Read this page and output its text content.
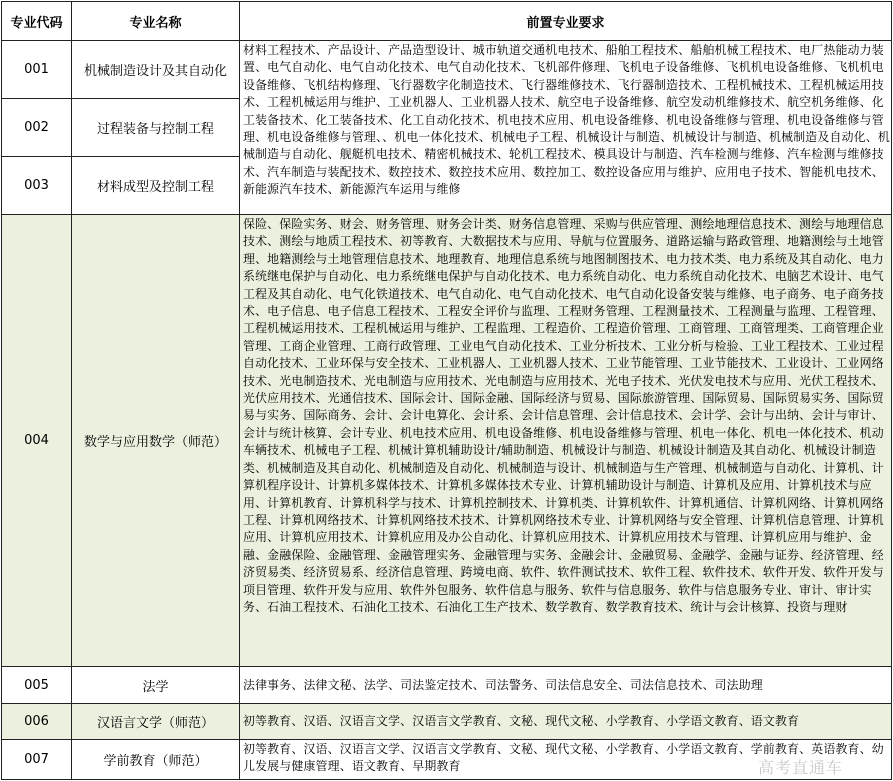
专业代码	专业名称	前置专业要求
001	机械制造设计及其自动化	材料工程技术、产品设计、产品造型设计、城市轨道交通机电技术、船舶工程技术、船舶机械工程技术、电厂热能动力装置、电气自动化、电气自动化技术、电气自动化技术、飞机部件修理、飞机电子设备维修、飞机机电设备维修、飞机机电设备维修、飞机结构修理、飞行器数字化制造技术、飞行器维修技术、飞行器制造技术、工程机械技术、工程机械运用技术、工程机械运用与维护、工业机器人、工业机器人技术、航空电子设备维修、航空发动机维修技术、航空机务维修、化工装备技术、化工装备技术、化工自动化技术、机电技术应用、机电设备维修、机电设备维修与管理、机电设备维修与管理、机电设备维修与管理、、机电一体化技术、机械电子工程、机械设计与制造、机械设计与制造、机械制造及自动化、机械制造与自动化、舰艇机电技术、精密机械技术、轮机工程技术、模具设计与制造、汽车检测与维修、汽车检测与维修技术、汽车制造与装配技术、数控技术、数控技术应用、数控加工、数控设备应用与维护、应用电子技术、智能机电技术、新能源汽车技术、新能源汽车运用与维修
002	过程装备与控制工程	
003	材料成型及控制工程	
004	数学与应用数学（师范）	保险、保险实务、财会、财务管理、财务会计类、财务信息管理、采购与供应管理、测绘地理信息技术、测绘与地理信息技术、测绘与地质工程技术、初等教育、大数据技术与应用、导航与位置服务、道路运输与路政管理、地籍测绘与土地管理、地籍测绘与土地管理信息技术、地理教育、地理信息系统与地图制图技术、电力技术类、电力系统及其自动化、电力系统继电保护与自动化、电力系统继电保护与自动化技术、电力系统自动化、电力系统自动化技术、电脑艺术设计、电气工程及其自动化、电气化铁道技术、电气自动化、电气自动化技术、电气自动化设备安装与维修、电子商务、电子商务技术、电子信息、电子信息工程技术、工程安全评价与监理、工程财务管理、工程测量技术、工程测量与监理、工程管理、工程机械运用技术、工程机械运用与维护、工程监理、工程造价、工程造价管理、工商管理、工商管理类、工商管理企业管理、工商企业管理、工商行政管理、工业电气自动化技术、工业分析技术、工业分析与检验、工业工程技术、工业过程自动化技术、工业环保与安全技术、工业机器人、工业机器人技术、工业节能管理、工业节能技术、工业设计、工业网络技术、光电制造技术、光电制造与应用技术、光电制造与应用技术、光电子技术、光伏发电技术与应用、光伏工程技术、光伏应用技术、光通信技术、国际会计、国际金融、国际经济与贸易、国际旅游管理、国际贸易、国际贸易实务、国际贸易与实务、国际商务、会计、会计电算化、会计系、会计信息管理、会计信息技术、会计学、会计与出纳、会计与审计、会计与统计核算、会计专业、机电技术应用、机电设备维修、机电设备维修与管理、机电一体化、机电一体化技术、机动车辆技术、机械电子工程、机械计算机辅助设计/辅助制造、机械设计与制造、机械设计制造及其自动化、机械设计制造类、机械制造及其自动化、机械制造及自动化、机械制造与设计、机械制造与生产管理、机械制造与自动化、计算机、计算机程序设计、计算机多媒体技术、计算机多媒体技术专业、计算机辅助设计与制造、计算机及应用、计算机技术与应用、计算机教育、计算机科学与技术、计算机控制技术、计算机类、计算机软件、计算机通信、计算机网络、计算机网络工程、计算机网络技术、计算机网络技术技术、计算机网络技术专业、计算机网络与安全管理、计算机信息管理、计算机应用、计算机应用技术、计算机应用及办公自动化、计算机应用技术、计算机应用技术与管理、计算机应用与维护、金融、金融保险、金融管理、金融管理实务、金融管理与实务、金融会计、金融贸易、金融学、金融与证券、经济管理、经济贸易类、经济贸易系、经济信息管理、跨境电商、软件、软件测试技术、软件工程、软件技术、软件开发、软件开发与项目管理、软件开发与应用、软件外包服务、软件信息与服务、软件与信息服务、软件与信息服务专业、审计、审计实务、石油工程技术、石油化工技术、石油化工生产技术、数学教育、数学教育技术、统计与会计核算、投资与理财
005	法学	法律事务、法律文秘、法学、司法鉴定技术、司法警务、司法信息安全、司法信息技术、司法助理
006	汉语言文学（师范）	初等教育、汉语、汉语言文学、汉语言文学教育、文秘、现代文秘、小学教育、小学语文教育、语文教育
007	学前教育（师范）	初等教育、汉语、汉语言文学、汉语言文学教育、文秘、现代文秘、小学教育、小学语文教育、学前教育、英语教育、幼儿发展与健康管理、语文教育、早期教育	高考直通车
